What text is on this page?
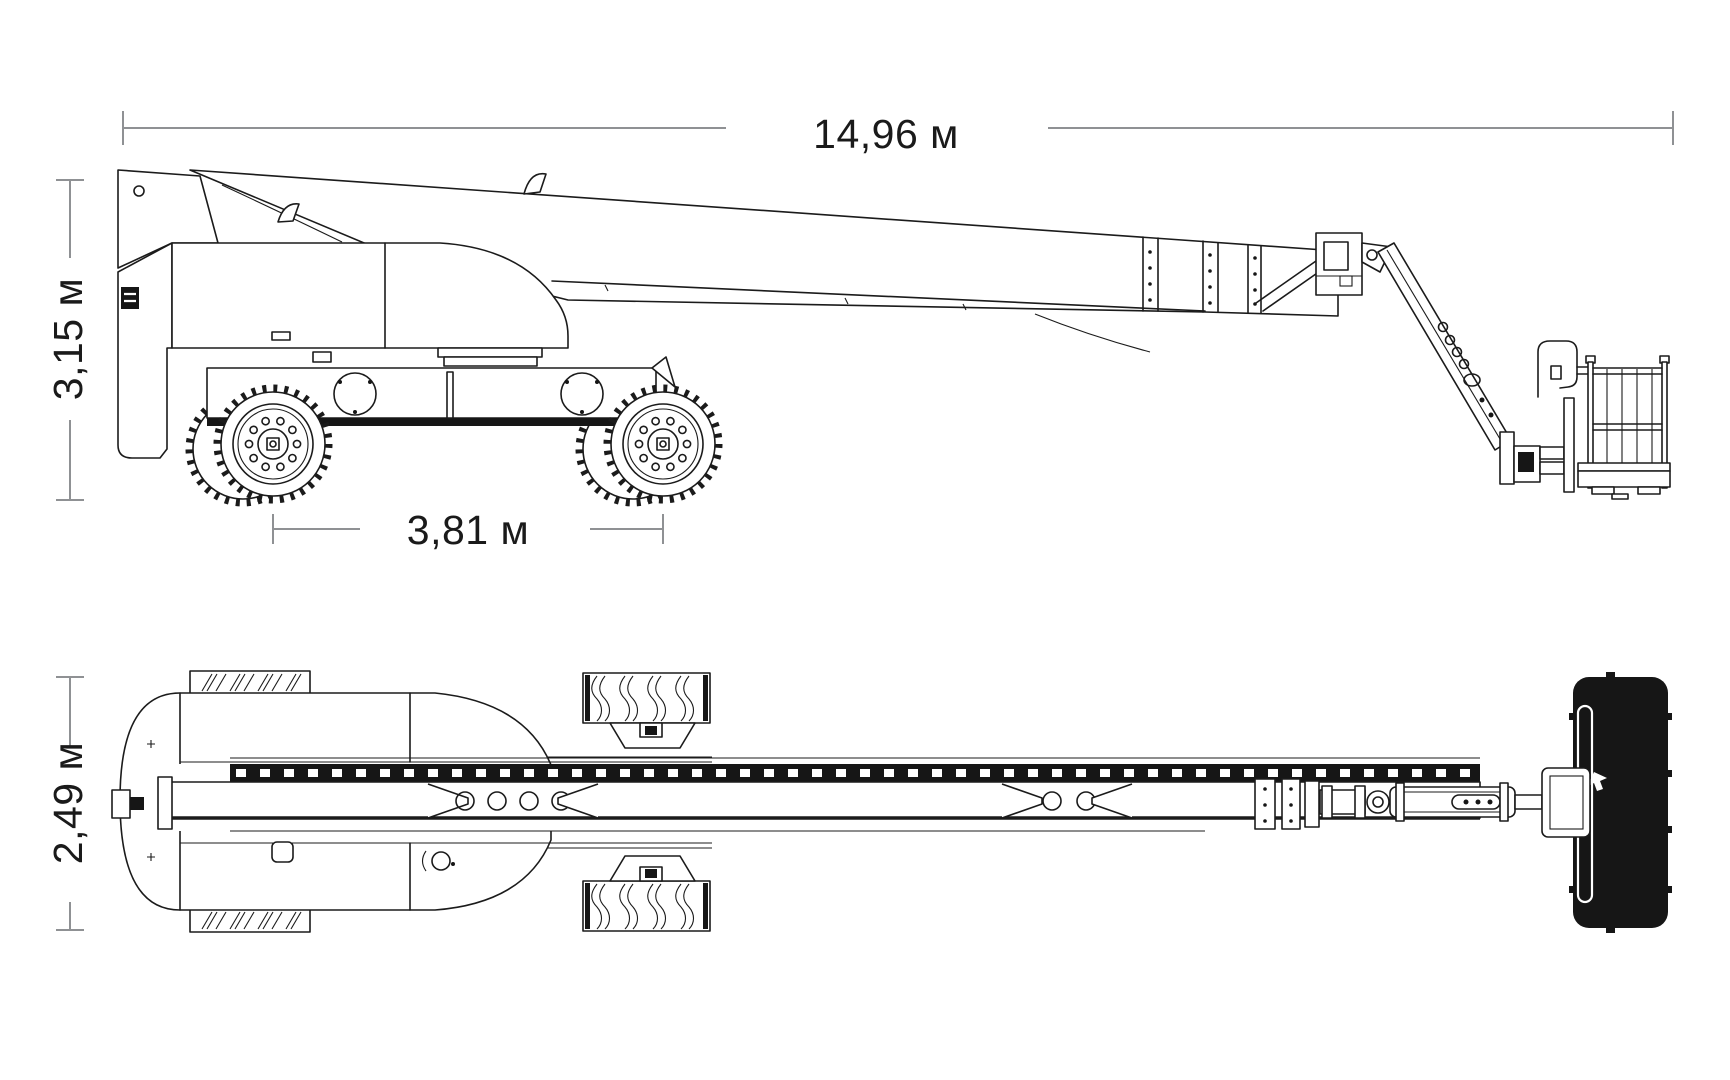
14,96 м
3,15 м
3,81 м
2,49 м
